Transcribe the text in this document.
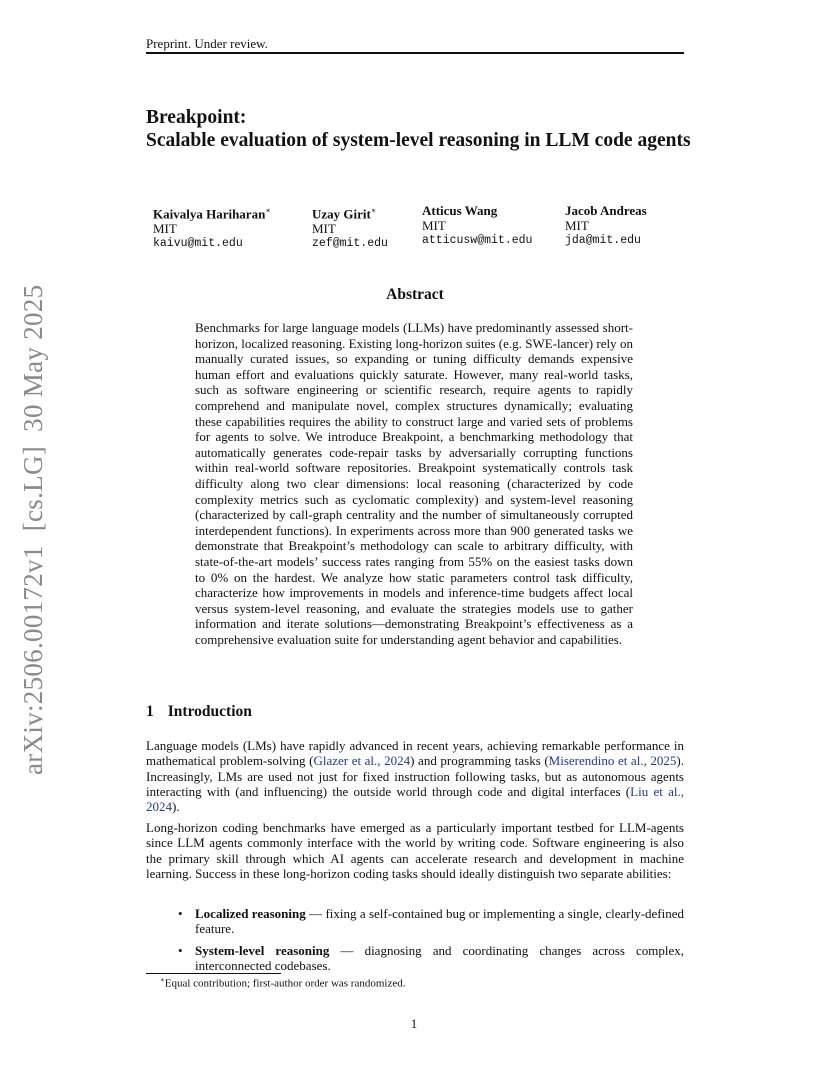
Preprint. Under review.
Breakpoint:
Scalable evaluation of system-level reasoning in LLM code agents
Kaivalya Hariharan∗
MIT
kaivu@mit.edu
Uzay Girit∗
MIT
zef@mit.edu
Atticus Wang
MIT
atticusw@mit.edu
Jacob Andreas
MIT
jda@mit.edu
Abstract
Benchmarks for large language models (LLMs) have predominantly assessed short-horizon, localized reasoning. Existing long-horizon suites (e.g. SWE-lancer) rely on manually curated issues, so expanding or tuning difficulty demands expensive human effort and evaluations quickly saturate. However, many real-world tasks, such as software engineering or scientific research, require agents to rapidly comprehend and manipulate novel, complex structures dynamically; evaluating these capabilities requires the ability to construct large and varied sets of problems for agents to solve. We introduce Breakpoint, a benchmarking methodology that automatically generates code-repair tasks by adversarially corrupting functions within real-world software repositories. Breakpoint systematically controls task difficulty along two clear dimensions: local reasoning (characterized by code complexity metrics such as cyclomatic complexity) and system-level reasoning (characterized by call-graph centrality and the number of simultaneously corrupted interdependent functions). In experiments across more than 900 generated tasks we demonstrate that Breakpoint’s methodology can scale to arbitrary difficulty, with state-of-the-art models’ success rates ranging from 55% on the easiest tasks down to 0% on the hardest. We analyze how static parameters control task difficulty, characterize how improvements in models and inference-time budgets affect local versus system-level reasoning, and evaluate the strategies models use to gather information and iterate solutions—demonstrating Breakpoint’s effectiveness as a comprehensive evaluation suite for understanding agent behavior and capabilities.
1 Introduction

Language models (LMs) have rapidly advanced in recent years, achieving remarkable performance in mathematical problem-solving (Glazer et al., 2024) and programming tasks (Miserendino et al., 2025). Increasingly, LMs are used not just for fixed instruction following tasks, but as autonomous agents interacting with (and influencing) the outside world through code and digital interfaces (Liu et al., 2024).

Long-horizon coding benchmarks have emerged as a particularly important testbed for LLM-agents since LLM agents commonly interface with the world by writing code. Software engineering is also the primary skill through which AI agents can accelerate research and development in machine learning. Success in these long-horizon coding tasks should ideally distinguish two separate abilities:
• Localized reasoning — fixing a self-contained bug or implementing a single, clearly-defined feature.
• System-level reasoning — diagnosing and coordinating changes across complex, interconnected codebases.
∗Equal contribution; first-author order was randomized.
1
arXiv:2506.00172v1  [cs.LG]  30 May 2025
